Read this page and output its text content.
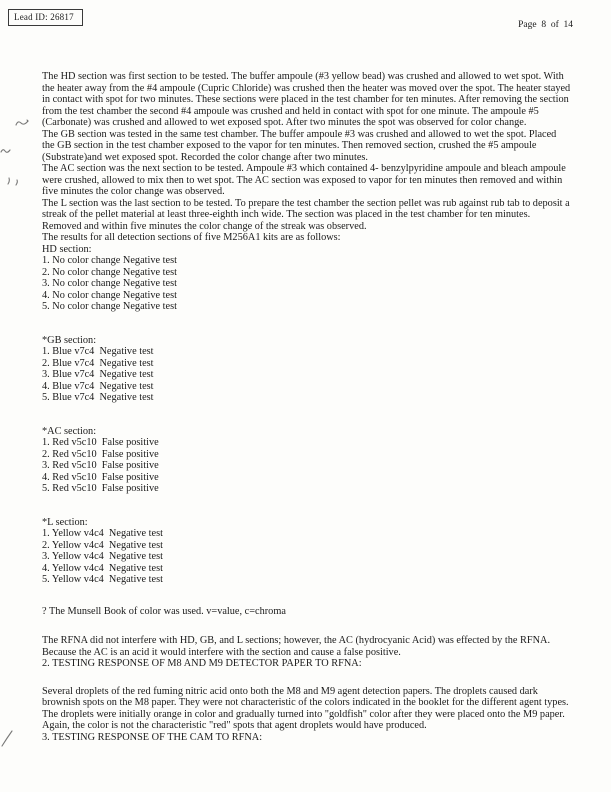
Lead ID: 26817
Page  8  of  14

The HD section was first section to be tested. The buffer ampoule (#3 yellow bead) was crushed and allowed to wet spot. With the heater away from the #4 ampoule (Cupric Chloride) was crushed then the heater was moved over the spot. The heater stayed in contact with spot for two minutes. These sections were placed in the test chamber for ten minutes. After removing the section from the test chamber the second #4 ampoule was crushed and held in contact with spot for one minute. The ampoule #5 (Carbonate) was crushed and allowed to wet exposed spot. After two minutes the spot was observed for color change.

The GB section was tested in the same test chamber. The buffer ampoule #3 was crushed and allowed to wet the spot. Placed the GB section in the test chamber exposed to the vapor for ten minutes. Then removed section, crushed the #5 ampoule (Substrate)and wet exposed spot. Recorded the color change after two minutes.

The AC section was the next section to be tested. Ampoule #3 which contained 4- benzylpyridine ampoule and bleach ampoule were crushed, allowed to mix then to wet spot. The AC section was exposed to vapor for ten minutes then removed and within five minutes the color change was observed.

The L section was the last section to be tested. To prepare the test chamber the section pellet was rub against rub tab to deposit a streak of the pellet material at least three-eighth inch wide. The section was placed in the test chamber for ten minutes. Removed and within five minutes the color change of the streak was observed.

The results for all detection sections of five M256A1 kits are as follows:

HD section:
1. No color change Negative test
2. No color change Negative test
3. No color change Negative test
4. No color change Negative test
5. No color change Negative test
*GB section:
1. Blue v7c4  Negative test
2. Blue v7c4  Negative test
3. Blue v7c4  Negative test
4. Blue v7c4  Negative test
5. Blue v7c4  Negative test
*AC section:
1. Red v5c10  False positive
2. Red v5c10  False positive
3. Red v5c10  False positive
4. Red v5c10  False positive
5. Red v5c10  False positive
*L section:
1. Yellow v4c4  Negative test
2. Yellow v4c4  Negative test
3. Yellow v4c4  Negative test
4. Yellow v4c4  Negative test
5. Yellow v4c4  Negative test

? The Munsell Book of color was used. v=value, c=chroma

The RFNA did not interfere with HD, GB, and L sections; however, the AC (hydrocyanic Acid) was effected by the RFNA. Because the AC is an acid it would interfere with the section and cause a false positive.

2. TESTING RESPONSE OF M8 AND M9 DETECTOR PAPER TO RFNA:

Several droplets of the red fuming nitric acid onto both the M8 and M9 agent detection papers. The droplets caused dark brownish spots on the M8 paper. They were not characteristic of the colors indicated in the booklet for the different agent types.

The droplets were initially orange in color and gradually turned into "goldfish" color after they were placed onto the M9 paper. Again, the color is not the characteristic "red" spots that agent droplets would have produced.

3. TESTING RESPONSE OF THE CAM TO RFNA:
